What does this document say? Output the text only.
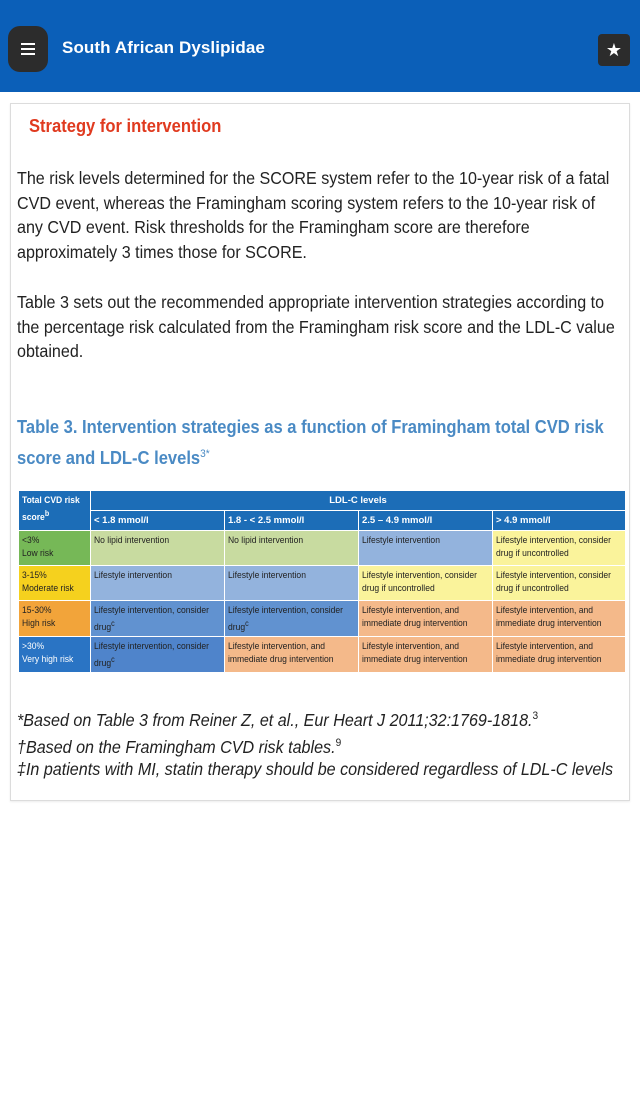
South African Dyslipidae	★
Strategy for intervention

The risk levels determined for the SCORE system refer to the 10-year risk of a fatal CVD event, whereas the Framingham scoring system refers to the 10-year risk of any CVD event. Risk thresholds for the Framingham score are therefore approximately 3 times those for SCORE.

Table 3 sets out the recommended appropriate intervention strategies according to the percentage risk calculated from the Framingham risk score and the LDL-C value obtained.

Table 3. Intervention strategies as a function of Framingham total CVD risk score and LDL-C levels$^{3*}$
Total CVD risk score$^b$	LDL-C levels			
	< 1.8 mmol/l	1.8 - < 2.5 mmol/l	2.5 – 4.9 mmol/l	> 4.9 mmol/l

<3%
Low risk	No lipid intervention	No lipid intervention	Lifestyle intervention	Lifestyle intervention, consider drug if uncontrolled

3-15%
Moderate risk	Lifestyle intervention	Lifestyle intervention	Lifestyle intervention, consider drug if uncontrolled	Lifestyle intervention, consider drug if uncontrolled

15-30%
High risk	Lifestyle intervention, consider drug$^c$	Lifestyle intervention, consider drug$^c$	Lifestyle intervention, and immediate drug intervention	Lifestyle intervention, and immediate drug intervention

>30%
Very high risk	Lifestyle intervention, consider drug$^c$	Lifestyle intervention, and immediate drug intervention	Lifestyle intervention, and immediate drug intervention	Lifestyle intervention, and immediate drug intervention

*Based on Table 3 from Reiner Z, et al., Eur Heart J 2011;32:1769-1818.$^3$

†Based on the Framingham CVD risk tables.$^9$

‡In patients with MI, statin therapy should be considered regardless of LDL-C levels
